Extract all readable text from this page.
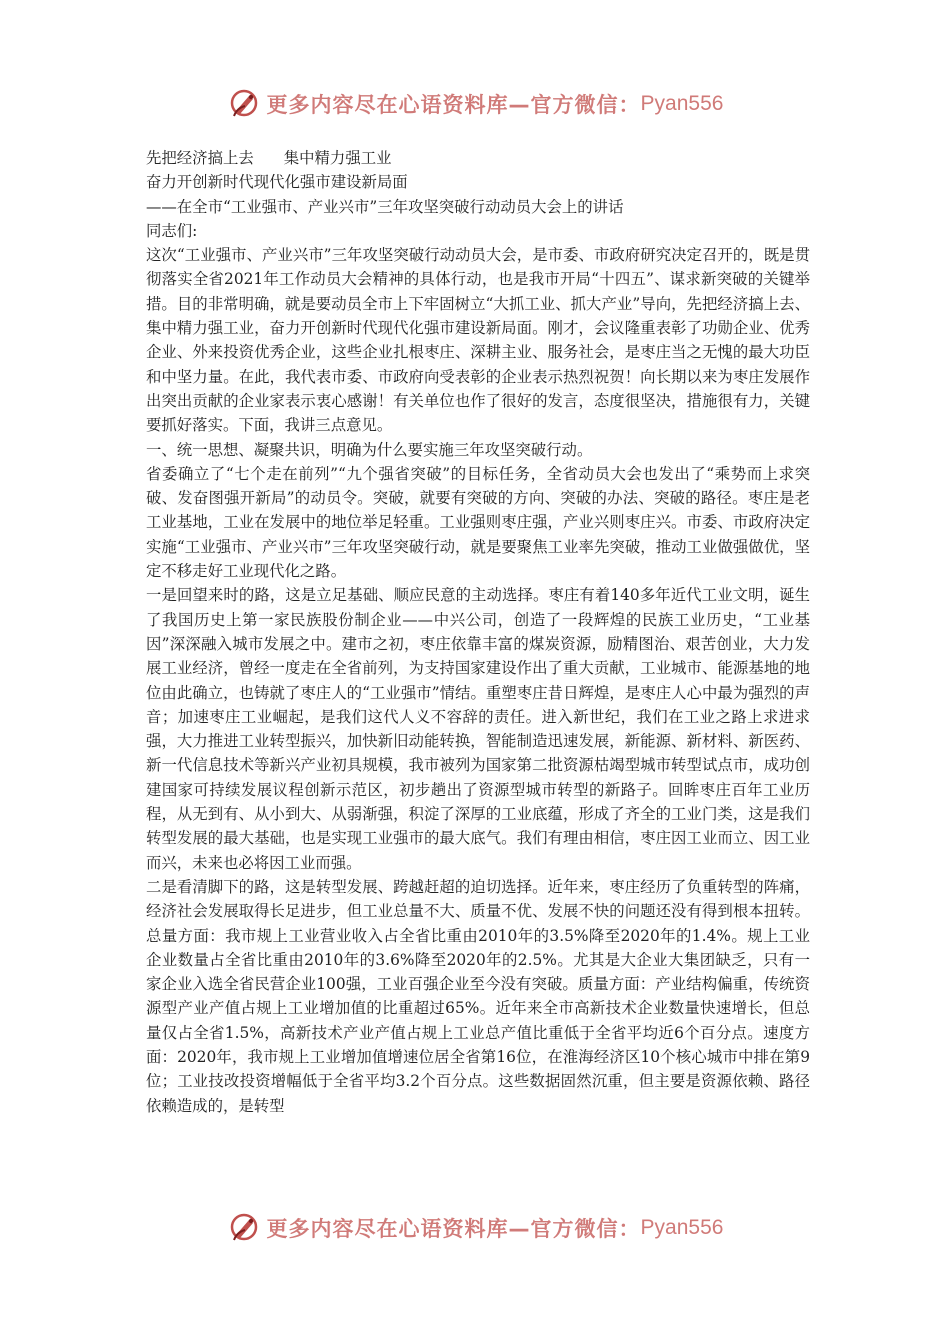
更多内容尽在心语资料库—官方微信： Pyan556

先把经济搞上去 集中精力强工业

奋力开创新时代现代化强市建设新局面

——在全市“工业强市、产业兴市”三年攻坚突破行动动员大会上的讲话

同志们:

这次“工业强市、产业兴市”三年攻坚突破行动动员大会，是市委、市政府研究决定召开的，既是贯彻落实全省2021年工作动员大会精神的具体行动，也是我市开局“十四五”、谋求新突破的关键举措。目的非常明确，就是要动员全市上下牢固树立“大抓工业、抓大产业”导向，先把经济搞上去、集中精力强工业，奋力开创新时代现代化强市建设新局面。刚才，会议隆重表彰了功勋企业、优秀企业、外来投资优秀企业，这些企业扎根枣庄、深耕主业、服务社会，是枣庄当之无愧的最大功臣和中坚力量。在此，我代表市委、市政府向受表彰的企业表示热烈祝贺！向长期以来为枣庄发展作出突出贡献的企业家表示衷心感谢！有关单位也作了很好的发言，态度很坚决，措施很有力，关键要抓好落实。下面，我讲三点意见。

一、统一思想、凝聚共识，明确为什么要实施三年攻坚突破行动。

省委确立了“七个走在前列”“九个强省突破”的目标任务，全省动员大会也发出了“乘势而上求突破、发奋图强开新局”的动员令。突破，就要有突破的方向、突破的办法、突破的路径。枣庄是老工业基地，工业在发展中的地位举足轻重。工业强则枣庄强，产业兴则枣庄兴。市委、市政府决定实施“工业强市、产业兴市”三年攻坚突破行动，就是要聚焦工业率先突破，推动工业做强做优，坚定不移走好工业现代化之路。

一是回望来时的路，这是立足基础、顺应民意的主动选择。枣庄有着140多年近代工业文明，诞生了我国历史上第一家民族股份制企业——中兴公司，创造了一段辉煌的民族工业历史，“工业基因”深深融入城市发展之中。建市之初，枣庄依靠丰富的煤炭资源，励精图治、艰苦创业，大力发展工业经济，曾经一度走在全省前列，为支持国家建设作出了重大贡献，工业城市、能源基地的地位由此确立，也铸就了枣庄人的“工业强市”情结。重塑枣庄昔日辉煌，是枣庄人心中最为强烈的声音；加速枣庄工业崛起，是我们这代人义不容辞的责任。进入新世纪，我们在工业之路上求进求强，大力推进工业转型振兴，加快新旧动能转换，智能制造迅速发展，新能源、新材料、新医药、新一代信息技术等新兴产业初具规模，我市被列为国家第二批资源枯竭型城市转型试点市，成功创建国家可持续发展议程创新示范区，初步趟出了资源型城市转型的新路子。回眸枣庄百年工业历程，从无到有、从小到大、从弱渐强，积淀了深厚的工业底蕴，形成了齐全的工业门类，这是我们转型发展的最大基础，也是实现工业强市的最大底气。我们有理由相信，枣庄因工业而立、因工业而兴，未来也必将因工业而强。

二是看清脚下的路，这是转型发展、跨越赶超的迫切选择。近年来，枣庄经历了负重转型的阵痛，经济社会发展取得长足进步，但工业总量不大、质量不优、发展不快的问题还没有得到根本扭转。总量方面：我市规上工业营业收入占全省比重由2010年的3.5%降至2020年的1.4%。规上工业企业数量占全省比重由2010年的3.6%降至2020年的2.5%。尤其是大企业大集团缺乏，只有一家企业入选全省民营企业100强，工业百强企业至今没有突破。质量方面：产业结构偏重，传统资源型产业产值占规上工业增加值的比重超过65%。近年来全市高新技术企业数量快速增长，但总量仅占全省1.5%，高新技术产业产值占规上工业总产值比重低于全省平均近6个百分点。速度方面：2020年，我市规上工业增加值增速位居全省第16位，在淮海经济区10个核心城市中排在第9位；工业技改投资增幅低于全省平均3.2个百分点。这些数据固然沉重，但主要是资源依赖、路径依赖造成的，是转型

更多内容尽在心语资料库—官方微信： Pyan556
